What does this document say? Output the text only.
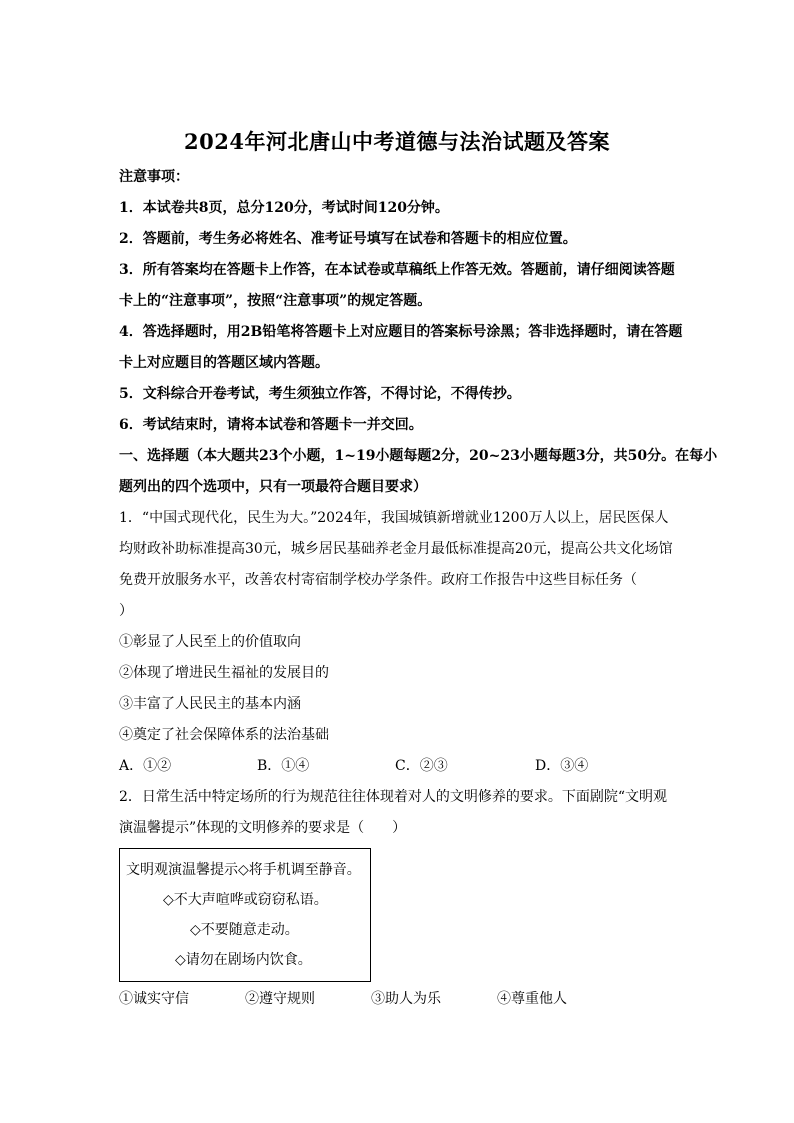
2024年河北唐山中考道德与法治试题及答案
注意事项：
1．本试卷共8页，总分120分，考试时间120分钟。
2．答题前，考生务必将姓名、准考证号填写在试卷和答题卡的相应位置。
3．所有答案均在答题卡上作答，在本试卷或草稿纸上作答无效。答题前，请仔细阅读答题
卡上的“注意事项”，按照“注意事项”的规定答题。
4．答选择题时，用2B铅笔将答题卡上对应题目的答案标号涂黑；答非选择题时，请在答题
卡上对应题目的答题区域内答题。
5．文科综合开卷考试，考生须独立作答，不得讨论，不得传抄。
6．考试结束时，请将本试卷和答题卡一并交回。
一、选择题（本大题共23个小题，1~19小题每题2分，20~23小题每题3分，共50分。在每小
题列出的四个选项中，只有一项最符合题目要求）
1．“中国式现代化，民生为大。”2024年，我国城镇新增就业1200万人以上，居民医保人
均财政补助标准提高30元，城乡居民基础养老金月最低标准提高20元，提高公共文化场馆
免费开放服务水平，改善农村寄宿制学校办学条件。政府工作报告中这些目标任务（
）
①彰显了人民至上的价值取向
②体现了增进民生福祉的发展目的
③丰富了人民民主的基本内涵
④奠定了社会保障体系的法治基础
A．①②	B．①④	C．②③	D．③④
2．日常生活中特定场所的行为规范往往体现着对人的文明修养的要求。下面剧院“文明观
演温馨提示”体现的文明修养的要求是（　　）
文明观演温馨提示◇将手机调至静音。
◇不大声喧哗或窃窃私语。
◇不要随意走动。
◇请勿在剧场内饮食。
①诚实守信	②遵守规则	③助人为乐	④尊重他人
